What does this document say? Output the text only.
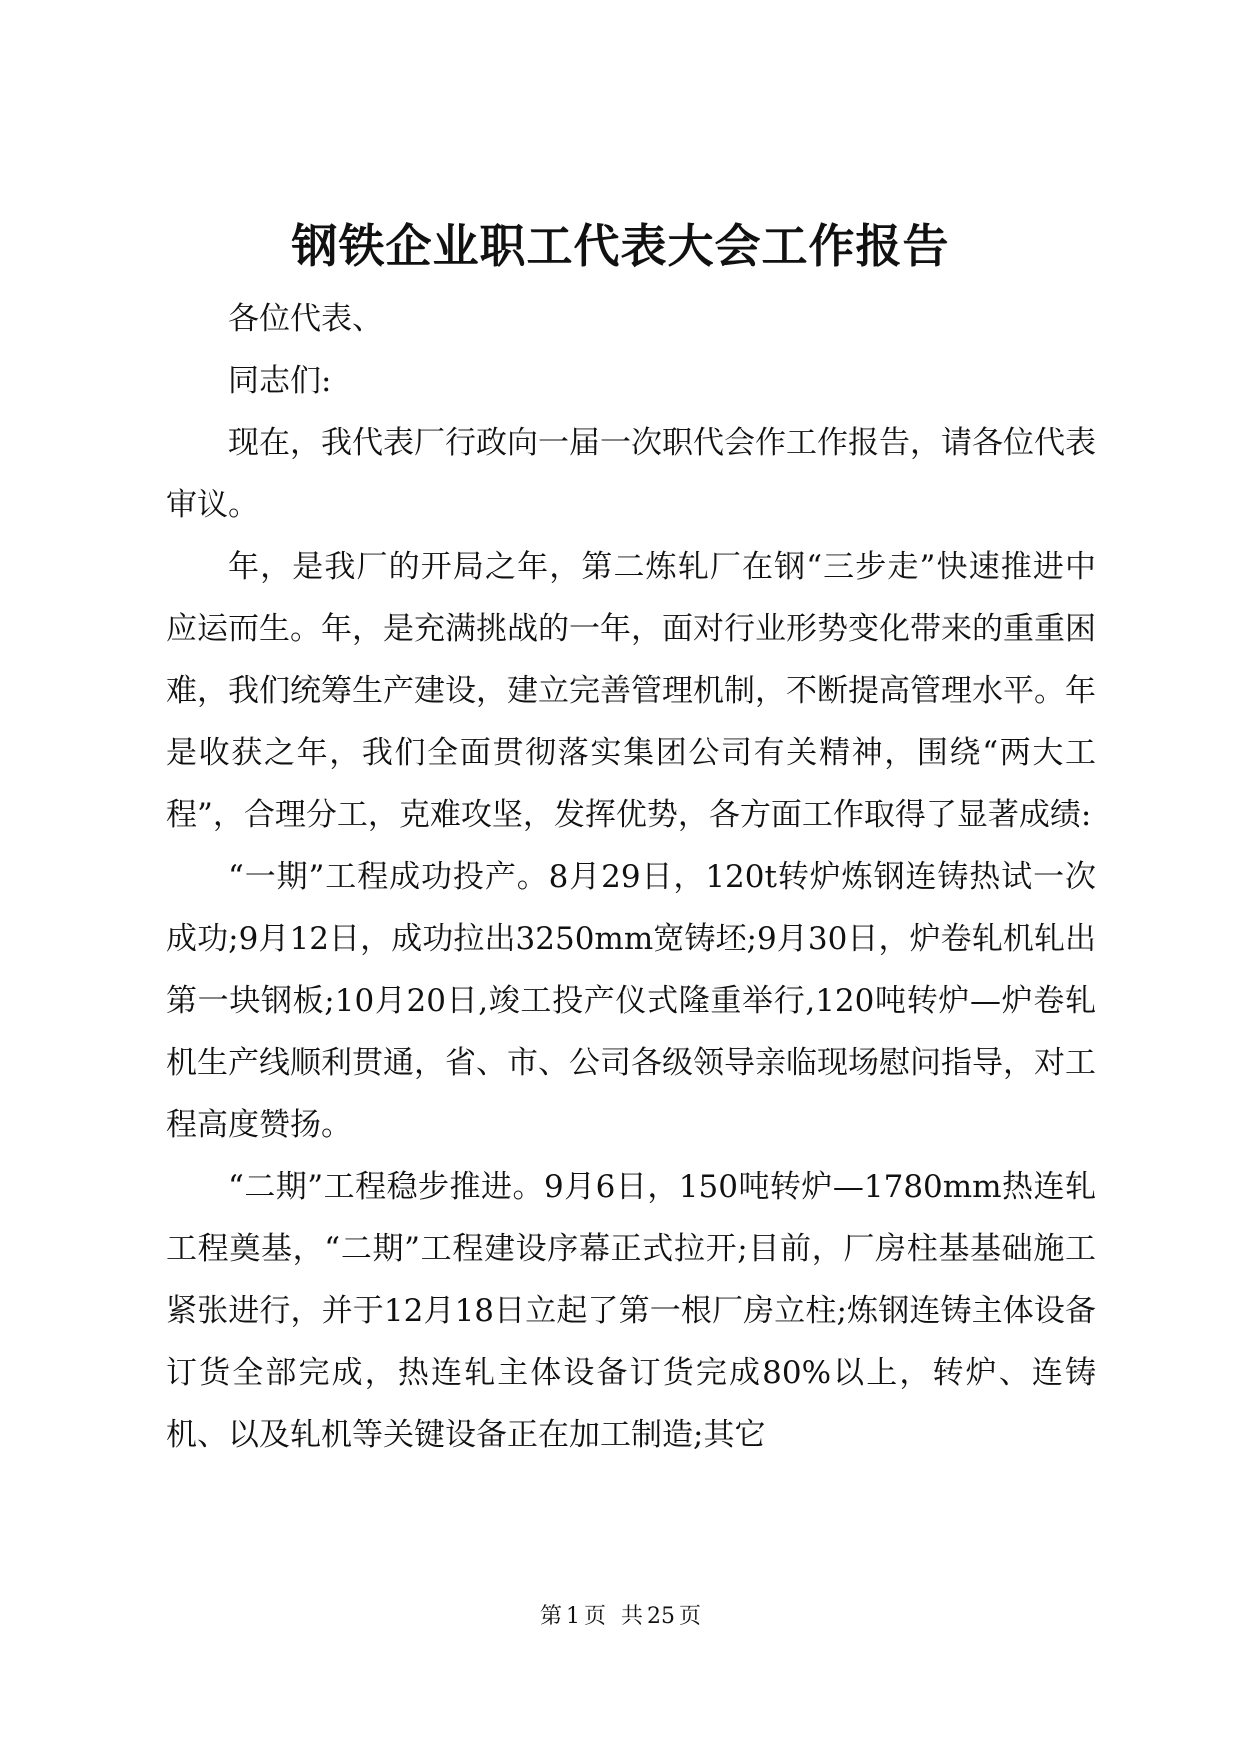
钢铁企业职工代表大会工作报告

各位代表、

同志们:

现在，我代表厂行政向一届一次职代会作工作报告，请各位代表审议。

年，是我厂的开局之年，第二炼轧厂在钢“三步走”快速推进中应运而生。年，是充满挑战的一年，面对行业形势变化带来的重重困难，我们统筹生产建设，建立完善管理机制，不断提高管理水平。年是收获之年，我们全面贯彻落实集团公司有关精神，围绕“两大工程”，合理分工，克难攻坚，发挥优势，各方面工作取得了显著成绩:

“一期”工程成功投产。8月29日，120t转炉炼钢连铸热试一次成功;9月12日，成功拉出3250mm宽铸坯;9月30日，炉卷轧机轧出第一块钢板;10月20日,竣工投产仪式隆重举行,120吨转炉—炉卷轧机生产线顺利贯通，省、市、公司各级领导亲临现场慰问指导，对工程高度赞扬。

“二期”工程稳步推进。9月6日，150吨转炉—1780mm热连轧工程奠基，“二期”工程建设序幕正式拉开;目前，厂房柱基基础施工紧张进行，并于12月18日立起了第一根厂房立柱;炼钢连铸主体设备订货全部完成，热连轧主体设备订货完成80%以上，转炉、连铸机、以及轧机等关键设备正在加工制造;其它

第 1 页 共 25 页
